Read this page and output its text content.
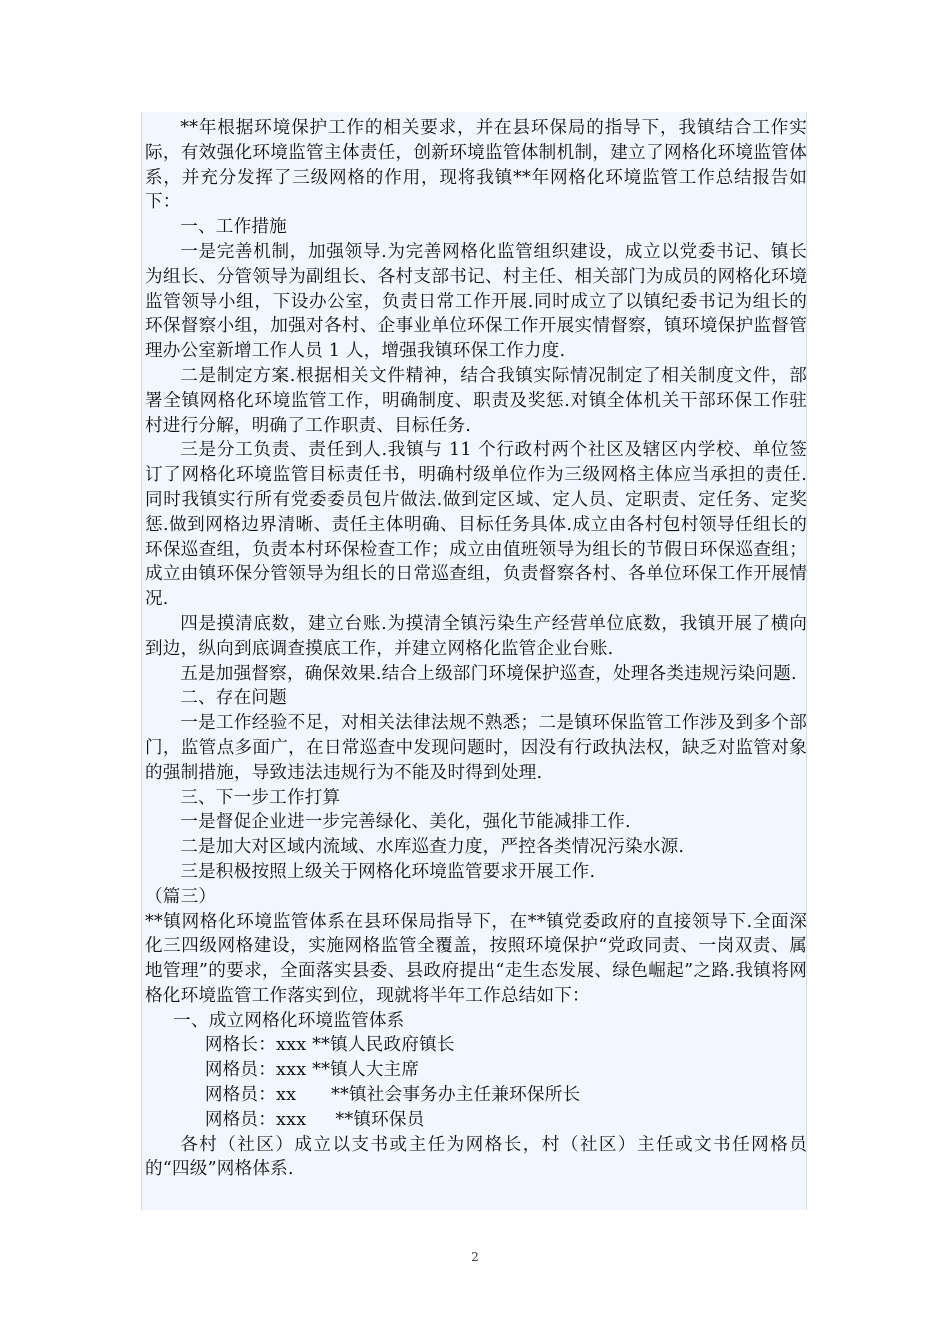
**年根据环境保护工作的相关要求，并在县环保局的指导下，我镇结合工作实际，有效强化环境监管主体责任，创新环境监管体制机制，建立了网格化环境监管体系，并充分发挥了三级网格的作用，现将我镇**年网格化环境监管工作总结报告如下：

一、工作措施

一是完善机制，加强领导.为完善网格化监管组织建设，成立以党委书记、镇长为组长、分管领导为副组长、各村支部书记、村主任、相关部门为成员的网格化环境监管领导小组，下设办公室，负责日常工作开展.同时成立了以镇纪委书记为组长的环保督察小组，加强对各村、企事业单位环保工作开展实情督察，镇环境保护监督管理办公室新增工作人员 1 人，增强我镇环保工作力度.

二是制定方案.根据相关文件精神，结合我镇实际情况制定了相关制度文件，部署全镇网格化环境监管工作，明确制度、职责及奖惩.对镇全体机关干部环保工作驻村进行分解，明确了工作职责、目标任务.

三是分工负责、责任到人.我镇与 11 个行政村两个社区及辖区内学校、单位签订了网格化环境监管目标责任书，明确村级单位作为三级网格主体应当承担的责任.同时我镇实行所有党委委员包片做法.做到定区域、定人员、定职责、定任务、定奖惩.做到网格边界清晰、责任主体明确、目标任务具体.成立由各村包村领导任组长的环保巡查组，负责本村环保检查工作；成立由值班领导为组长的节假日环保巡查组；成立由镇环保分管领导为组长的日常巡查组，负责督察各村、各单位环保工作开展情况.

四是摸清底数，建立台账.为摸清全镇污染生产经营单位底数，我镇开展了横向到边，纵向到底调查摸底工作，并建立网格化监管企业台账.

五是加强督察，确保效果.结合上级部门环境保护巡查，处理各类违规污染问题.

二、存在问题

一是工作经验不足，对相关法律法规不熟悉；二是镇环保监管工作涉及到多个部门，监管点多面广，在日常巡查中发现问题时，因没有行政执法权，缺乏对监管对象的强制措施，导致违法违规行为不能及时得到处理.

三、下一步工作打算

一是督促企业进一步完善绿化、美化，强化节能减排工作.

二是加大对区域内流域、水库巡查力度，严控各类情况污染水源.

三是积极按照上级关于网格化环境监管要求开展工作.

（篇三）

**镇网格化环境监管体系在县环保局指导下，在**镇党委政府的直接领导下.全面深化三四级网格建设，实施网格监管全覆盖，按照环境保护“党政同责、一岗双责、属地管理”的要求，全面落实县委、县政府提出“走生态发展、绿色崛起”之路.我镇将网格化环境监管工作落实到位，现就将半年工作总结如下：

一、成立网格化环境监管体系

网格长：xxx **镇人民政府镇长

网格员：xxx **镇人大主席

网格员：xx      **镇社会事务办主任兼环保所长

网格员：xxx     **镇环保员

各村（社区）成立以支书或主任为网格长，村（社区）主任或文书任网格员的“四级”网格体系.

2
